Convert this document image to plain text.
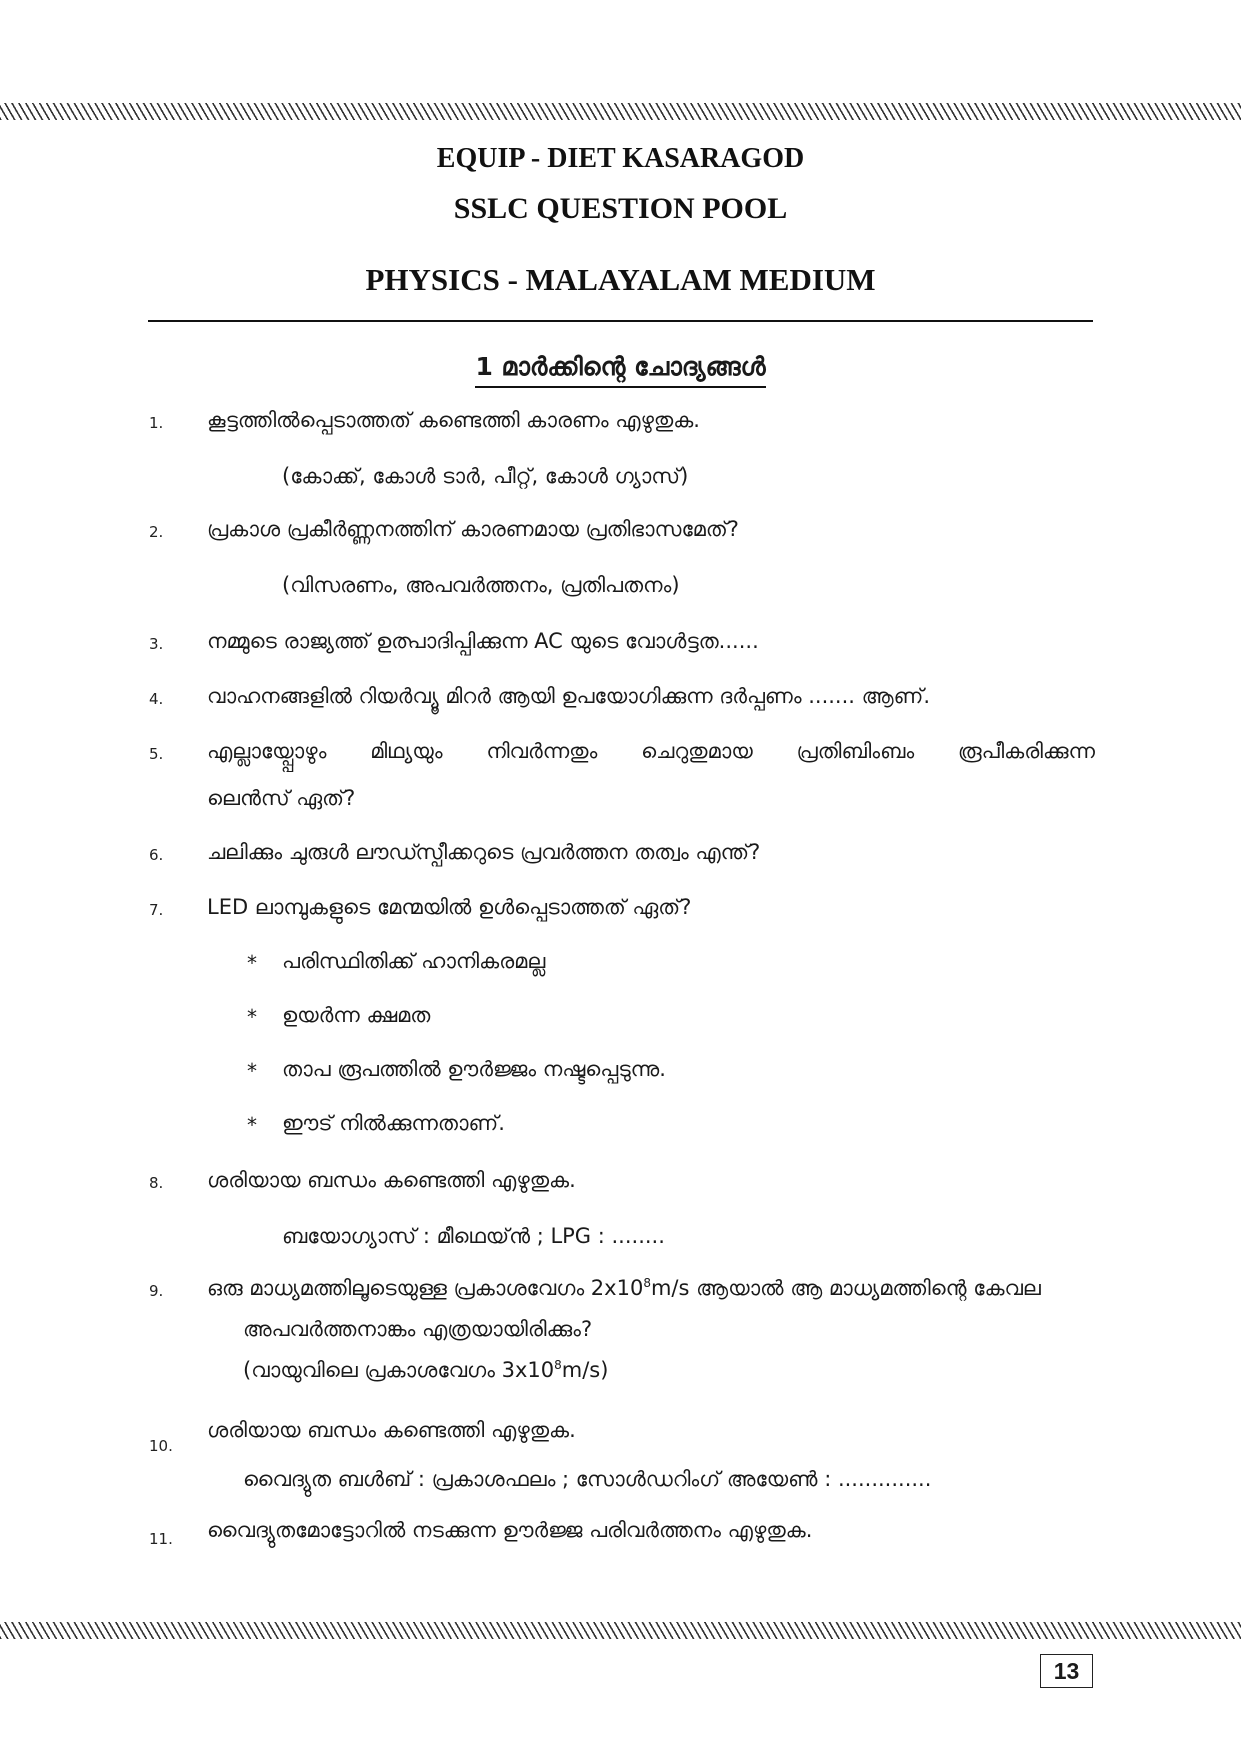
EQUIP - DIET KASARAGOD
SSLC QUESTION POOL
PHYSICS - MALAYALAM MEDIUM
1 മാർക്കിന്റെ ചോദ്യങ്ങൾ
1. കൂട്ടത്തിൽപ്പെടാത്തത് കണ്ടെത്തി കാരണം എഴുതുക.
(കോക്ക്, കോൾ ടാർ, പീറ്റ്, കോൾ ഗ്യാസ്)
2. പ്രകാശ പ്രകീർണ്ണനത്തിന് കാരണമായ പ്രതിഭാസമേത്?
(വിസരണം, അപവർത്തനം, പ്രതിപതനം)
3. നമ്മുടെ രാജ്യത്ത് ഉത്പാദിപ്പിക്കുന്ന AC യുടെ വോൾട്ടത......
4. വാഹനങ്ങളിൽ റിയർവ്യൂ മിറർ ആയി ഉപയോഗിക്കുന്ന ദർപ്പണം ....... ആണ്.
5. എല്ലായ്പ്പോഴും മിഥ്യയും നിവർന്നതും ചെറുതുമായ പ്രതിബിംബം രൂപീകരിക്കുന്ന
ലെൻസ് ഏത്?
6. ചലിക്കും ചുരുൾ ലൗഡ്സ്പീക്കറുടെ പ്രവർത്തന തത്വം എന്ത്?
7. LED ലാമ്പുകളുടെ മേന്മയിൽ ഉൾപ്പെടാത്തത് ഏത്?
* പരിസ്ഥിതിക്ക് ഹാനികരമല്ല
* ഉയർന്ന ക്ഷമത
* താപ രൂപത്തിൽ ഊർജ്ജം നഷ്ടപ്പെടുന്നു.
* ഈട് നിൽക്കുന്നതാണ്.
8. ശരിയായ ബന്ധം കണ്ടെത്തി എഴുതുക.
ബയോഗ്യാസ് : മീഥെയ്ൻ ; LPG : ........
9. ഒരു മാധ്യമത്തിലൂടെയുള്ള പ്രകാശവേഗം $2x10^8m/s$ ആയാൽ ആ മാധ്യമത്തിന്റെ കേവല
അപവർത്തനാങ്കം എത്രയായിരിക്കും?
(വായുവിലെ പ്രകാശവേഗം $3x10^8m/s$)
10.
ശരിയായ ബന്ധം കണ്ടെത്തി എഴുതുക.
വൈദ്യുത ബൾബ് : പ്രകാശഫലം ; സോൾഡറിംഗ് അയേൺ : ..............
11. വൈദ്യുതമോട്ടോറിൽ നടക്കുന്ന ഊർജ്ജ പരിവർത്തനം എഴുതുക.
13
